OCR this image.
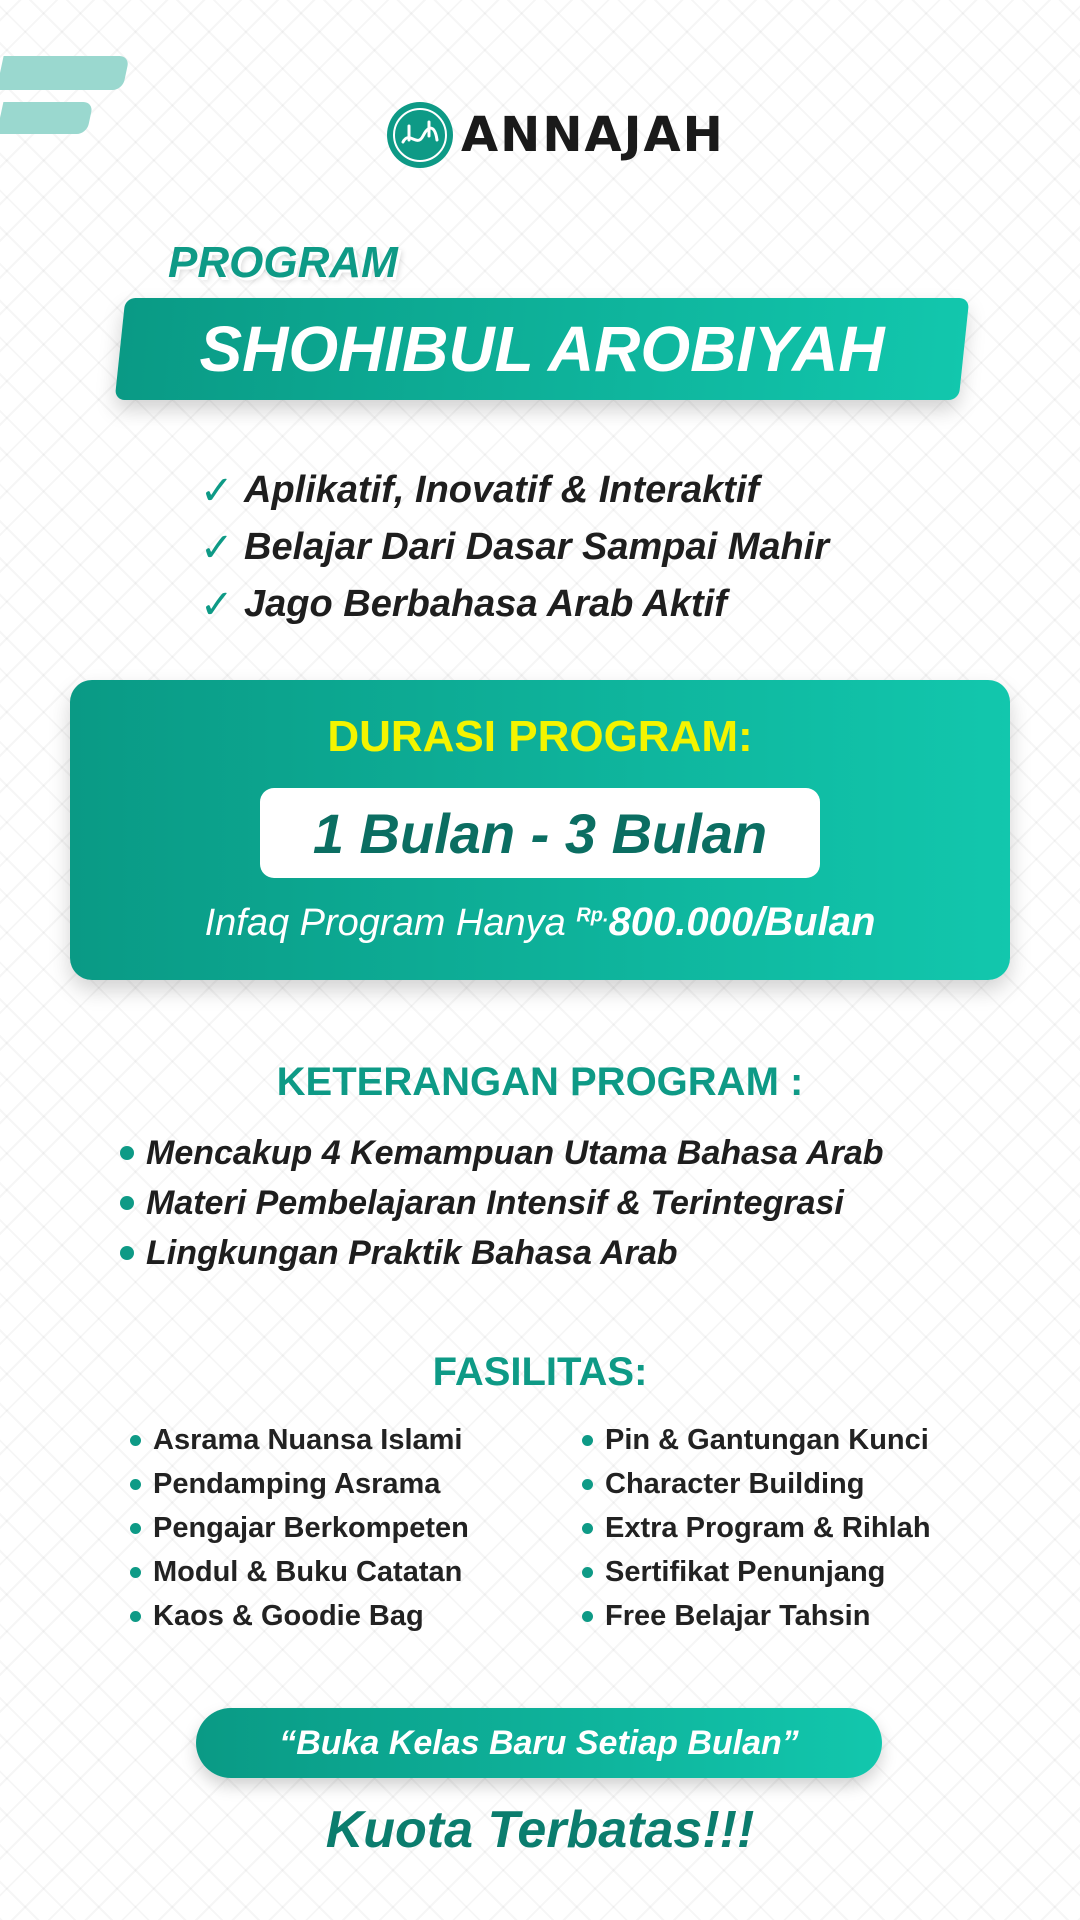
ANNAJAH
PROGRAM
SHOHIBUL AROBIYAH
✓ Aplikatif, Inovatif & Interaktif
✓ Belajar Dari Dasar Sampai Mahir
✓ Jago Berbahasa Arab Aktif
DURASI PROGRAM:
1 Bulan - 3 Bulan
Infaq Program Hanya $^{Rp.}$800.000/Bulan
KETERANGAN PROGRAM :
Mencakup 4 Kemampuan Utama Bahasa Arab
Materi Pembelajaran Intensif & Terintegrasi
Lingkungan Praktik Bahasa Arab
FASILITAS:
Asrama Nuansa Islami
Pendamping Asrama
Pengajar Berkompeten
Modul & Buku Catatan
Kaos & Goodie Bag
Pin & Gantungan Kunci
Character Building
Extra Program & Rihlah
Sertifikat Penunjang
Free Belajar Tahsin
“Buka Kelas Baru Setiap Bulan”
Kuota Terbatas!!!
